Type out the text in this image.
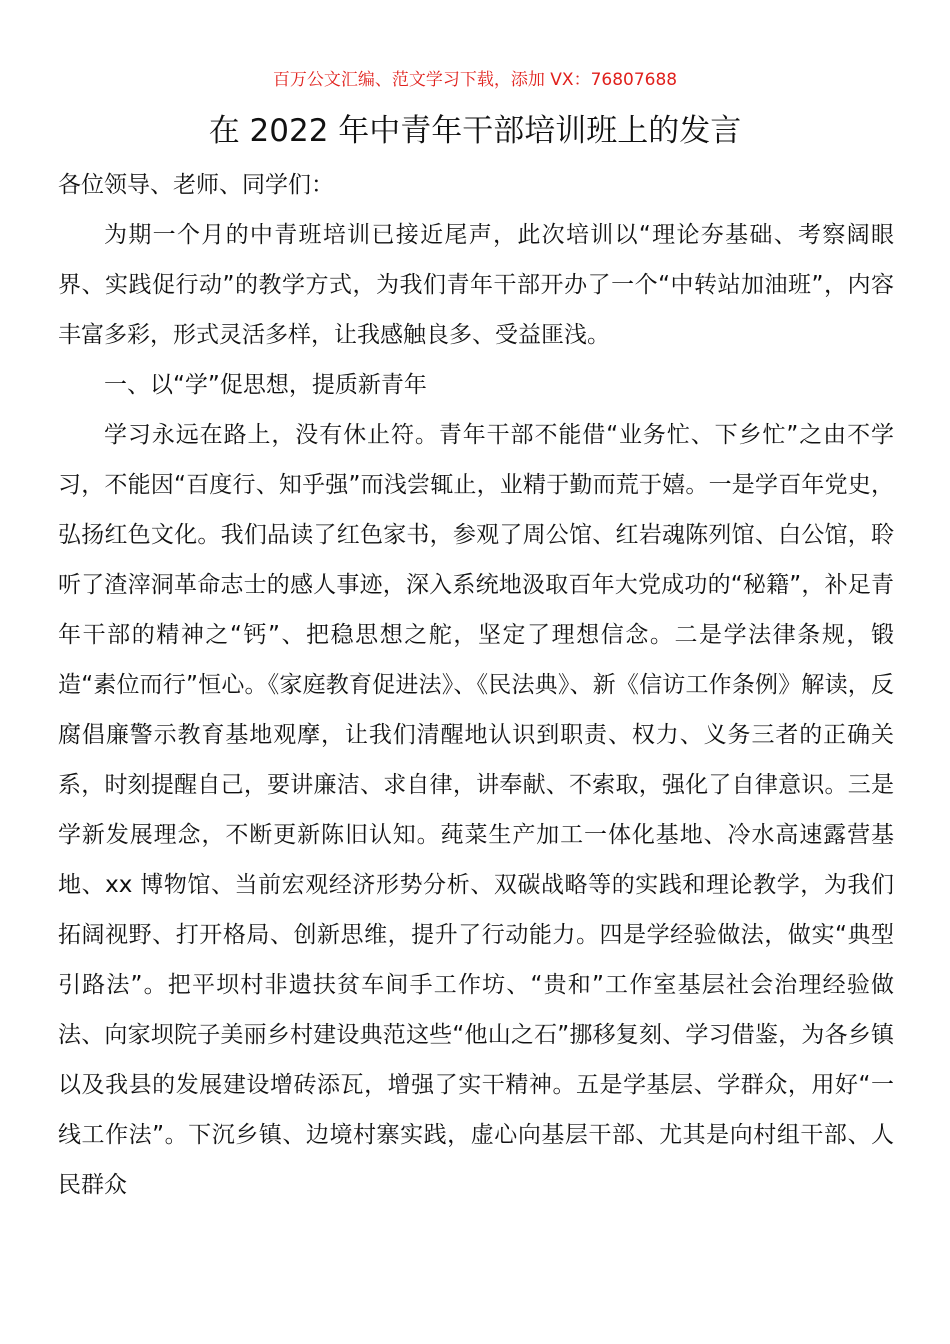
百万公文汇编、范文学习下载，添加 VX：76807688
在 2022 年中青年干部培训班上的发言

各位领导、老师、同学们：

为期一个月的中青班培训已接近尾声，此次培训以“理论夯基础、考察阔眼界、实践促行动”的教学方式，为我们青年干部开办了一个“中转站加油班”，内容丰富多彩，形式灵活多样，让我感触良多、受益匪浅。

一、以“学”促思想，提质新青年

学习永远在路上，没有休止符。青年干部不能借“业务忙、下乡忙”之由不学习，不能因“百度行、知乎强”而浅尝辄止，业精于勤而荒于嬉。一是学百年党史，弘扬红色文化。我们品读了红色家书，参观了周公馆、红岩魂陈列馆、白公馆，聆听了渣滓洞革命志士的感人事迹，深入系统地汲取百年大党成功的“秘籍”，补足青年干部的精神之“钙”、把稳思想之舵，坚定了理想信念。二是学法律条规，锻造“素位而行”恒心。《家庭教育促进法》、《民法典》、新《信访工作条例》解读，反腐倡廉警示教育基地观摩，让我们清醒地认识到职责、权力、义务三者的正确关系，时刻提醒自己，要讲廉洁、求自律，讲奉献、不索取，强化了自律意识。三是学新发展理念，不断更新陈旧认知。莼菜生产加工一体化基地、冷水高速露营基地、xx 博物馆、当前宏观经济形势分析、双碳战略等的实践和理论教学，为我们拓阔视野、打开格局、创新思维，提升了行动能力。四是学经验做法，做实“典型引路法”。把平坝村非遗扶贫车间手工作坊、“贵和”工作室基层社会治理经验做法、向家坝院子美丽乡村建设典范这些“他山之石”挪移复刻、学习借鉴，为各乡镇以及我县的发展建设增砖添瓦，增强了实干精神。五是学基层、学群众，用好“一线工作法”。下沉乡镇、边境村寨实践，虚心向基层干部、尤其是向村组干部、人民群众
